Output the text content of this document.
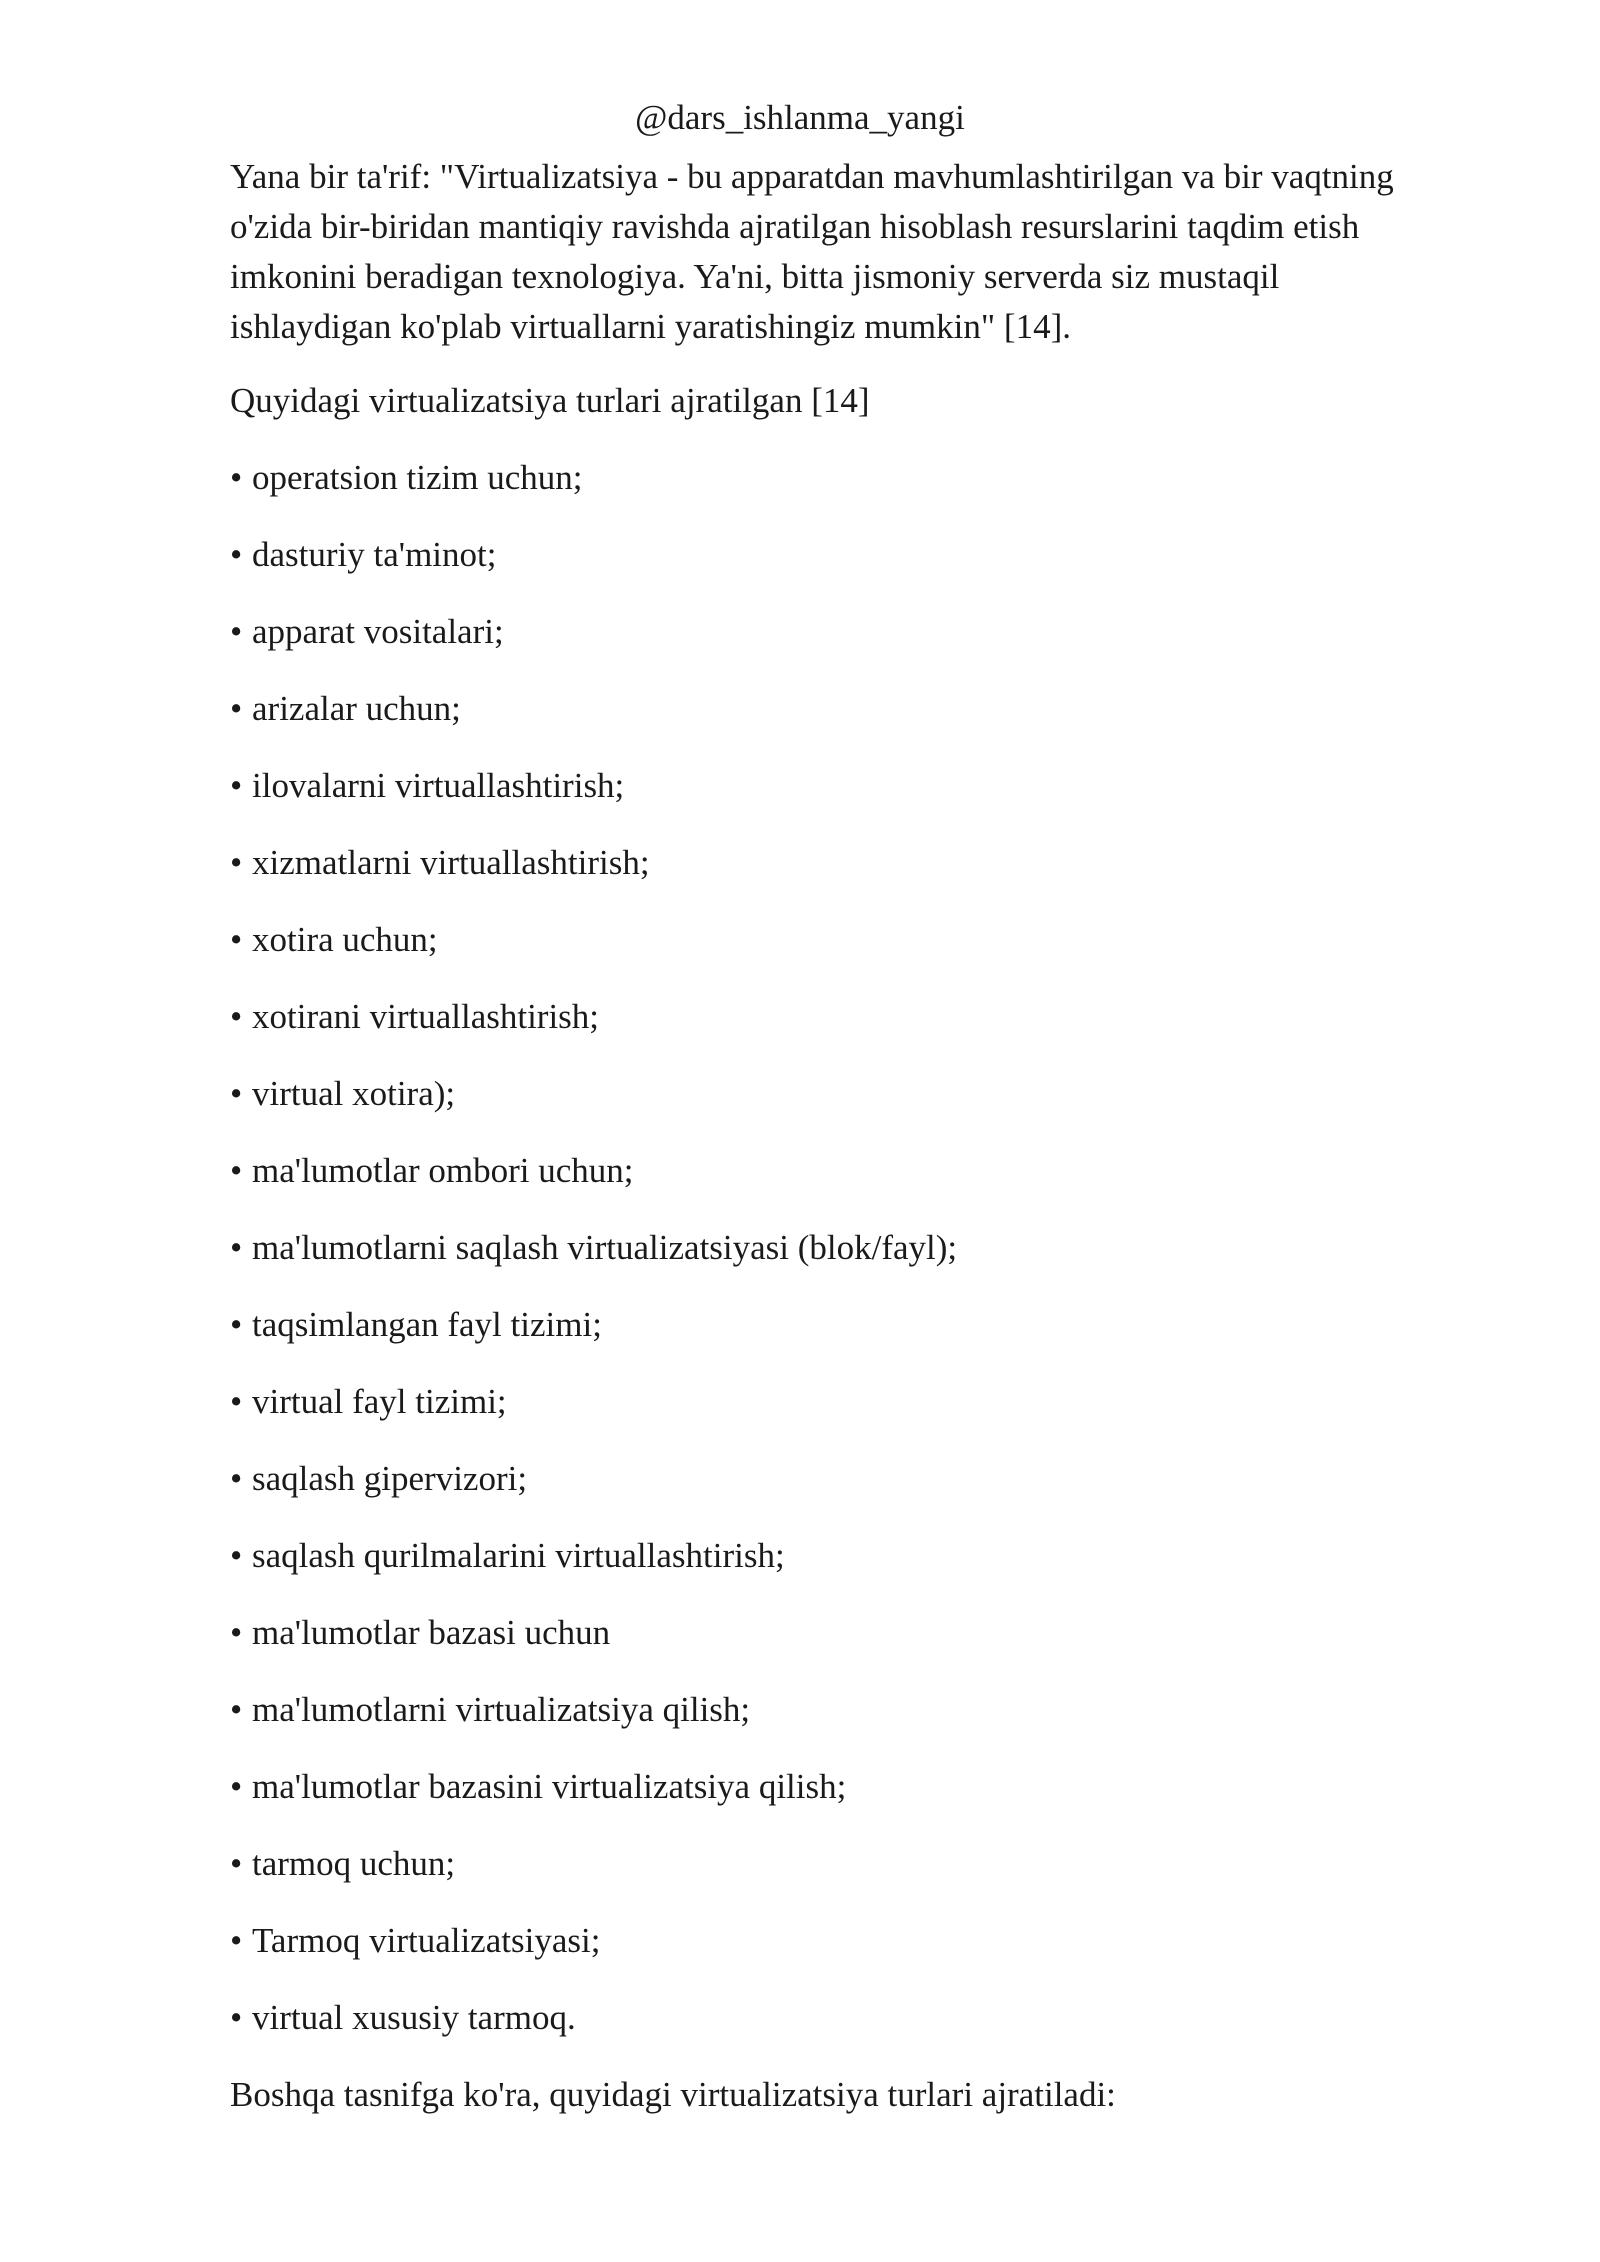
@dars_ishlanma_yangi

Yana bir ta'rif: "Virtualizatsiya - bu apparatdan mavhumlashtirilgan va bir vaqtning o'zida bir-biridan mantiqiy ravishda ajratilgan hisoblash resurslarini taqdim etish imkonini beradigan texnologiya. Ya'ni, bitta jismoniy serverda siz mustaqil ishlaydigan ko'plab virtuallarni yaratishingiz mumkin" [14].

Quyidagi virtualizatsiya turlari ajratilgan [14]

• operatsion tizim uchun;
• dasturiy ta'minot;
• apparat vositalari;
• arizalar uchun;
• ilovalarni virtuallashtirish;
• xizmatlarni virtuallashtirish;
• xotira uchun;
• xotirani virtuallashtirish;
• virtual xotira);
• ma'lumotlar ombori uchun;
• ma'lumotlarni saqlash virtualizatsiyasi (blok/fayl);
• taqsimlangan fayl tizimi;
• virtual fayl tizimi;
• saqlash gipervizori;
• saqlash qurilmalarini virtuallashtirish;
• ma'lumotlar bazasi uchun
• ma'lumotlarni virtualizatsiya qilish;
• ma'lumotlar bazasini virtualizatsiya qilish;
• tarmoq uchun;
• Tarmoq virtualizatsiyasi;
• virtual xususiy tarmoq.

Boshqa tasnifga ko'ra, quyidagi virtualizatsiya turlari ajratiladi:
